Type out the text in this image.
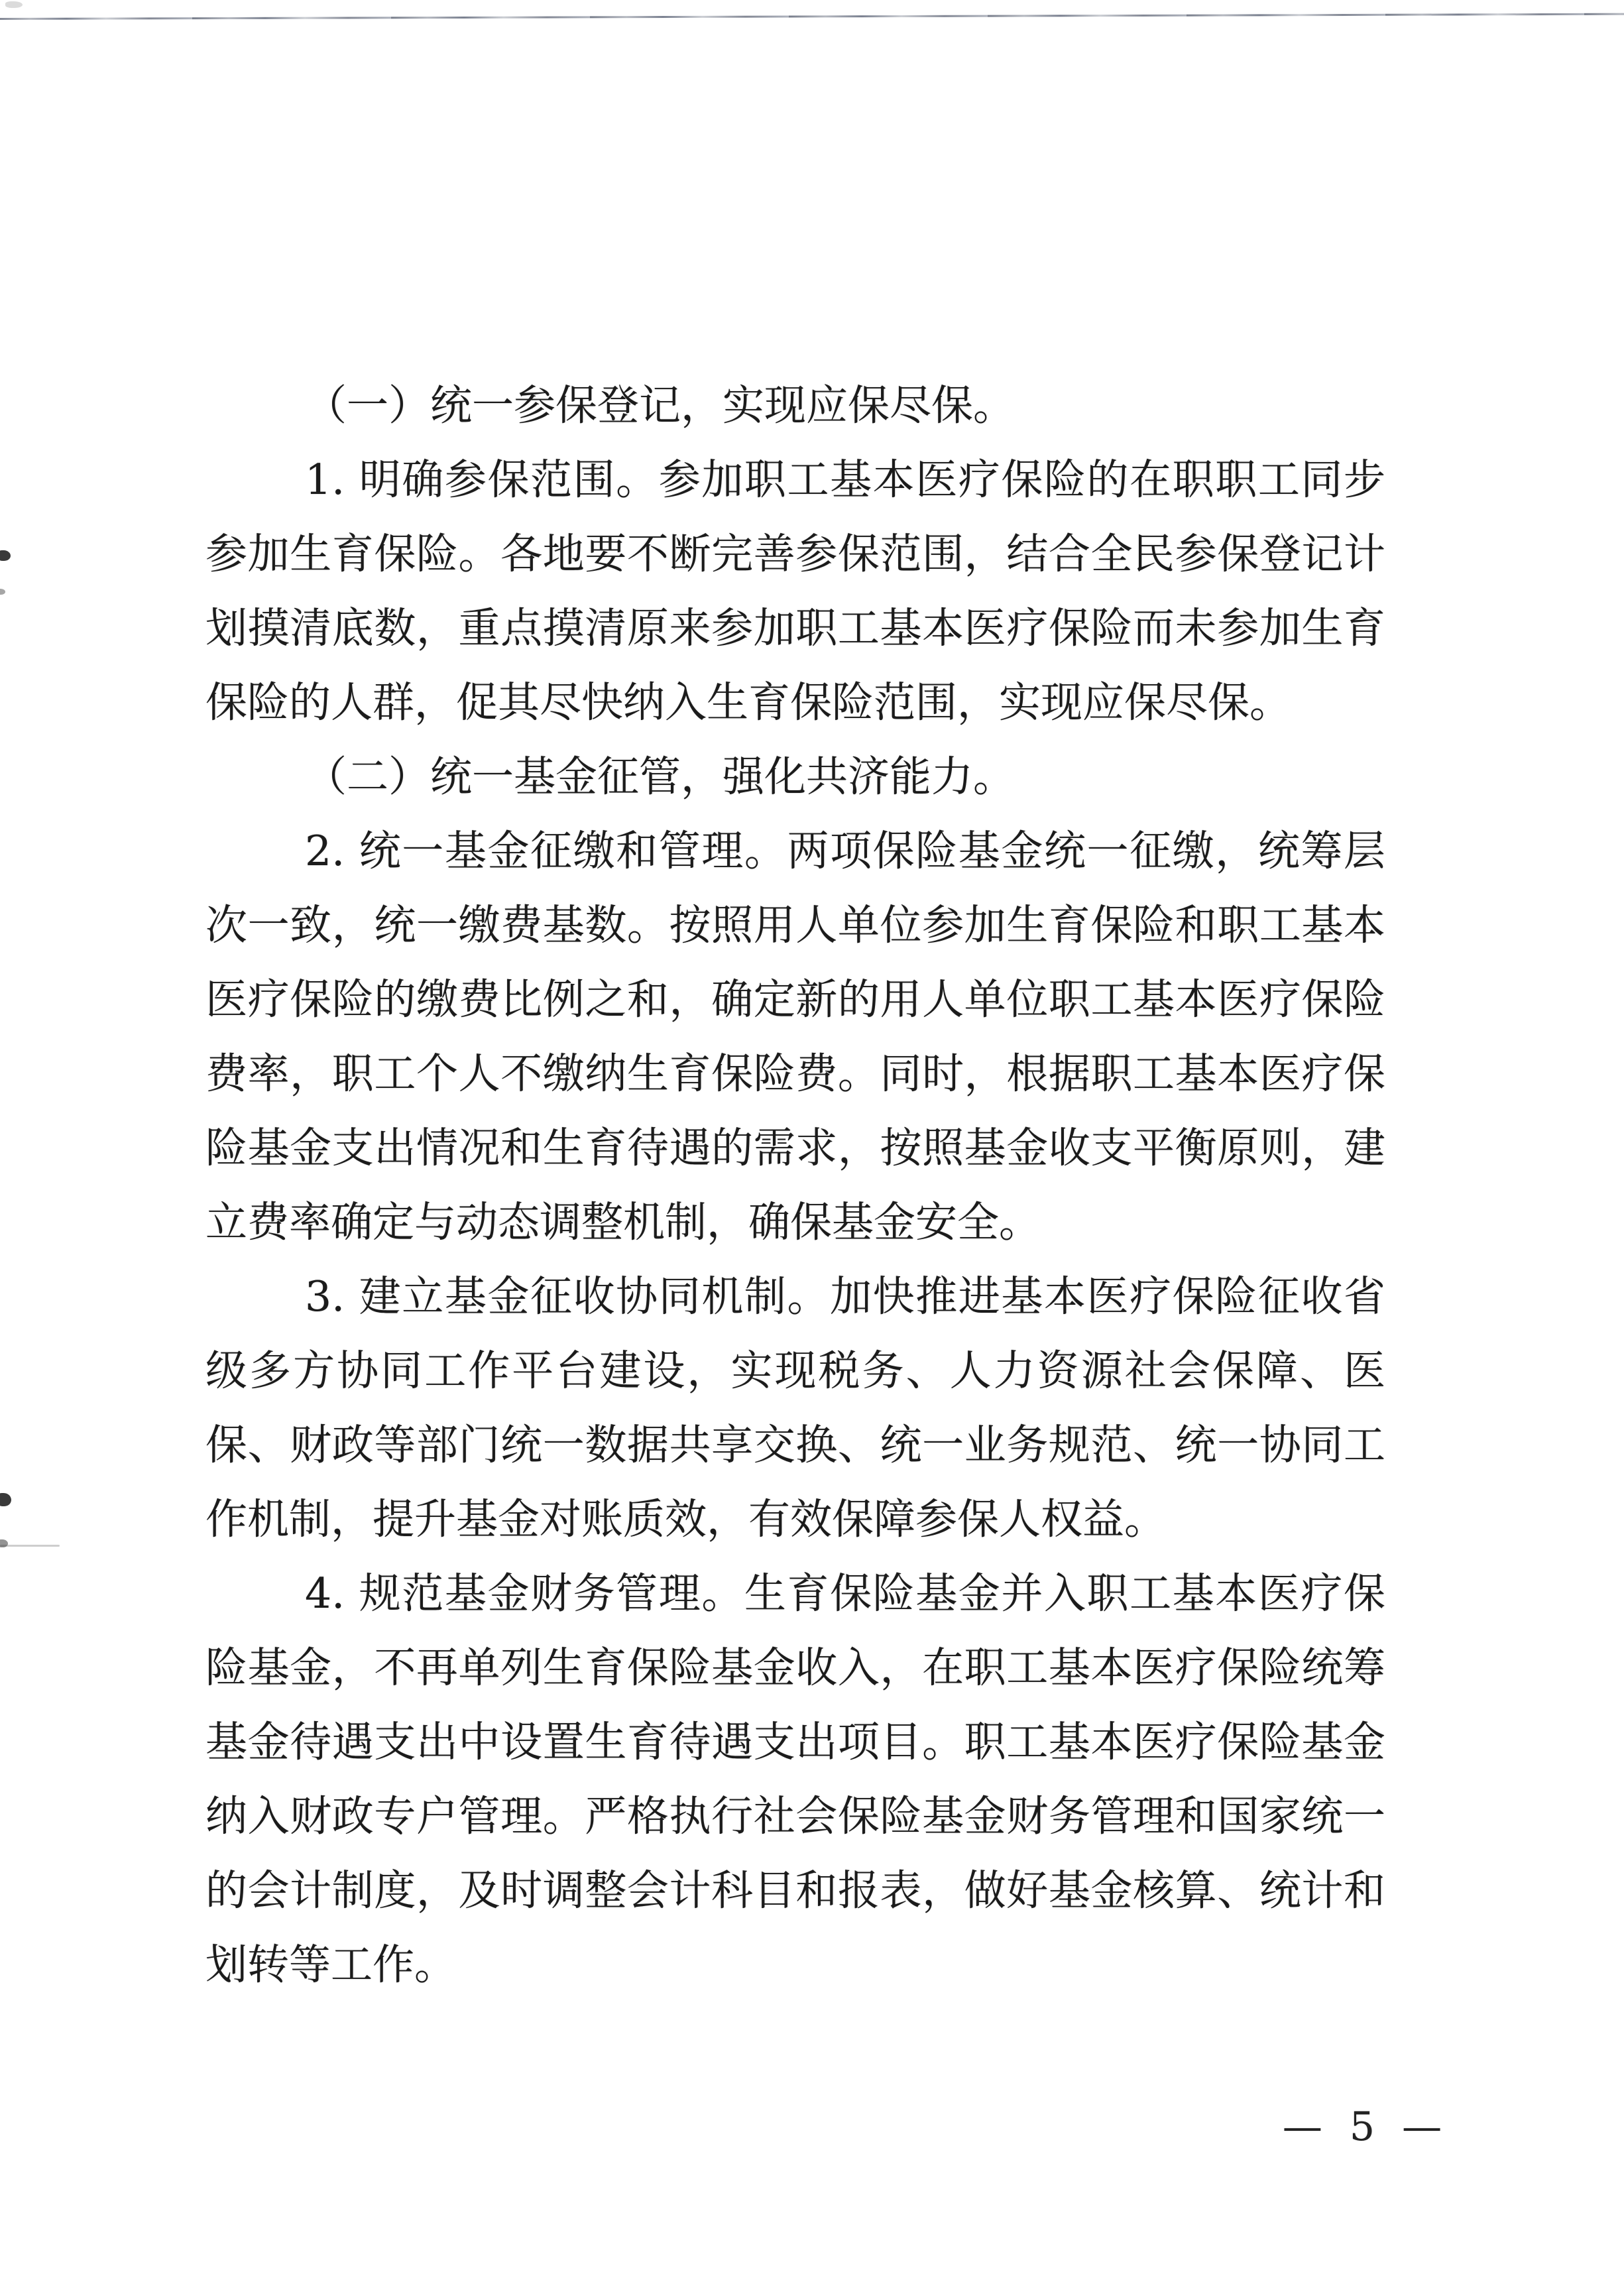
（一）统一参保登记，实现应保尽保。
1. 明确参保范围。参加职工基本医疗保险的在职职工同步
参加生育保险。各地要不断完善参保范围，结合全民参保登记计
划摸清底数，重点摸清原来参加职工基本医疗保险而未参加生育
保险的人群，促其尽快纳入生育保险范围，实现应保尽保。
（二）统一基金征管，强化共济能力。
2. 统一基金征缴和管理。两项保险基金统一征缴，统筹层
次一致，统一缴费基数。按照用人单位参加生育保险和职工基本
医疗保险的缴费比例之和，确定新的用人单位职工基本医疗保险
费率，职工个人不缴纳生育保险费。同时，根据职工基本医疗保
险基金支出情况和生育待遇的需求，按照基金收支平衡原则，建
立费率确定与动态调整机制，确保基金安全。
3. 建立基金征收协同机制。加快推进基本医疗保险征收省
级多方协同工作平台建设，实现税务、人力资源社会保障、医
保、财政等部门统一数据共享交换、统一业务规范、统一协同工
作机制，提升基金对账质效，有效保障参保人权益。
4. 规范基金财务管理。生育保险基金并入职工基本医疗保
险基金，不再单列生育保险基金收入，在职工基本医疗保险统筹
基金待遇支出中设置生育待遇支出项目。职工基本医疗保险基金
纳入财政专户管理。严格执行社会保险基金财务管理和国家统一
的会计制度，及时调整会计科目和报表，做好基金核算、统计和
划转等工作。
— 5 —
